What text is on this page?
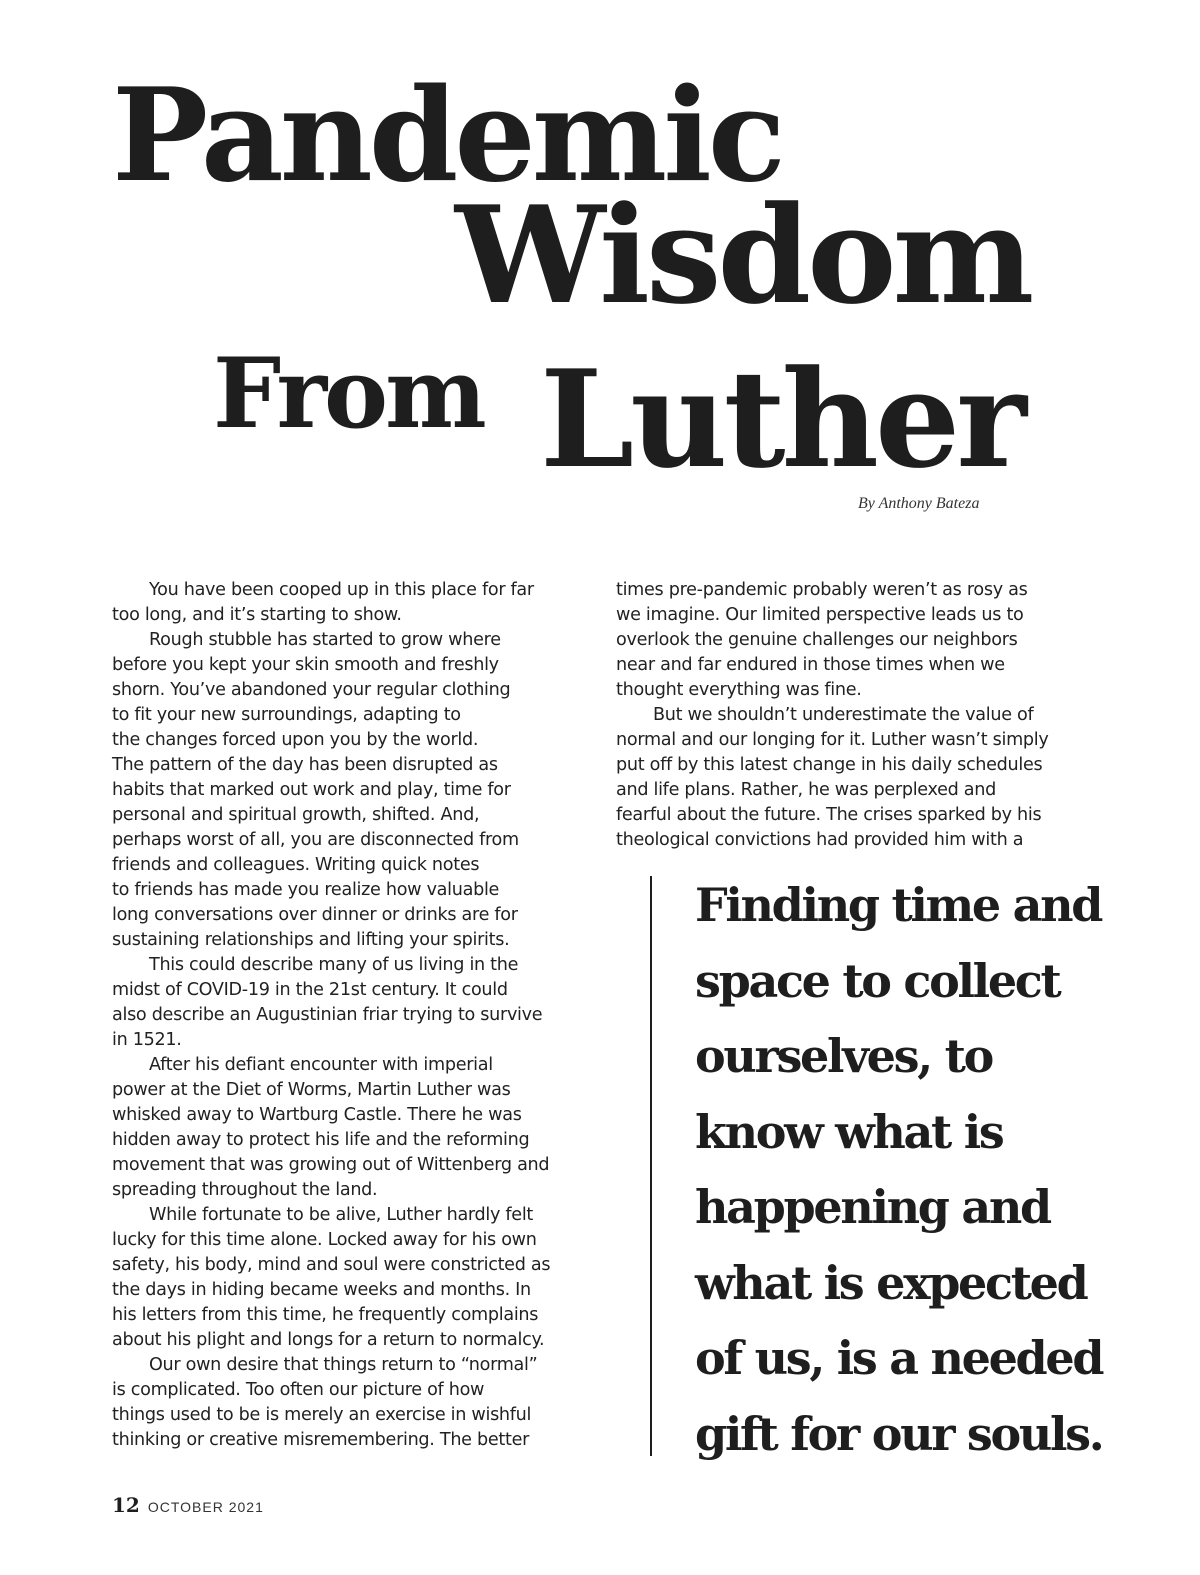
Pandemic
Wisdom
From Luther
By Anthony Bateza
You have been cooped up in this place for far
too long, and it’s starting to show.
Rough stubble has started to grow where
before you kept your skin smooth and freshly
shorn. You’ve abandoned your regular clothing
to fit your new surroundings, adapting to
the changes forced upon you by the world.
The pattern of the day has been disrupted as
habits that marked out work and play, time for
personal and spiritual growth, shifted. And,
perhaps worst of all, you are disconnected from
friends and colleagues. Writing quick notes
to friends has made you realize how valuable
long conversations over dinner or drinks are for
sustaining relationships and lifting your spirits.
This could describe many of us living in the
midst of COVID-19 in the 21st century. It could
also describe an Augustinian friar trying to survive
in 1521.
After his defiant encounter with imperial
power at the Diet of Worms, Martin Luther was
whisked away to Wartburg Castle. There he was
hidden away to protect his life and the reforming
movement that was growing out of Wittenberg and
spreading throughout the land.
While fortunate to be alive, Luther hardly felt
lucky for this time alone. Locked away for his own
safety, his body, mind and soul were constricted as
the days in hiding became weeks and months. In
his letters from this time, he frequently complains
about his plight and longs for a return to normalcy.
Our own desire that things return to “normal”
is complicated. Too often our picture of how
things used to be is merely an exercise in wishful
thinking or creative misremembering. The better
times pre-pandemic probably weren’t as rosy as
we imagine. Our limited perspective leads us to
overlook the genuine challenges our neighbors
near and far endured in those times when we
thought everything was fine.
But we shouldn’t underestimate the value of
normal and our longing for it. Luther wasn’t simply
put off by this latest change in his daily schedules
and life plans. Rather, he was perplexed and
fearful about the future. The crises sparked by his
theological convictions had provided him with a
Finding time and
space to collect
ourselves, to
know what is
happening and
what is expected
of us, is a needed
gift for our souls.
12 OCTOBER 2021
